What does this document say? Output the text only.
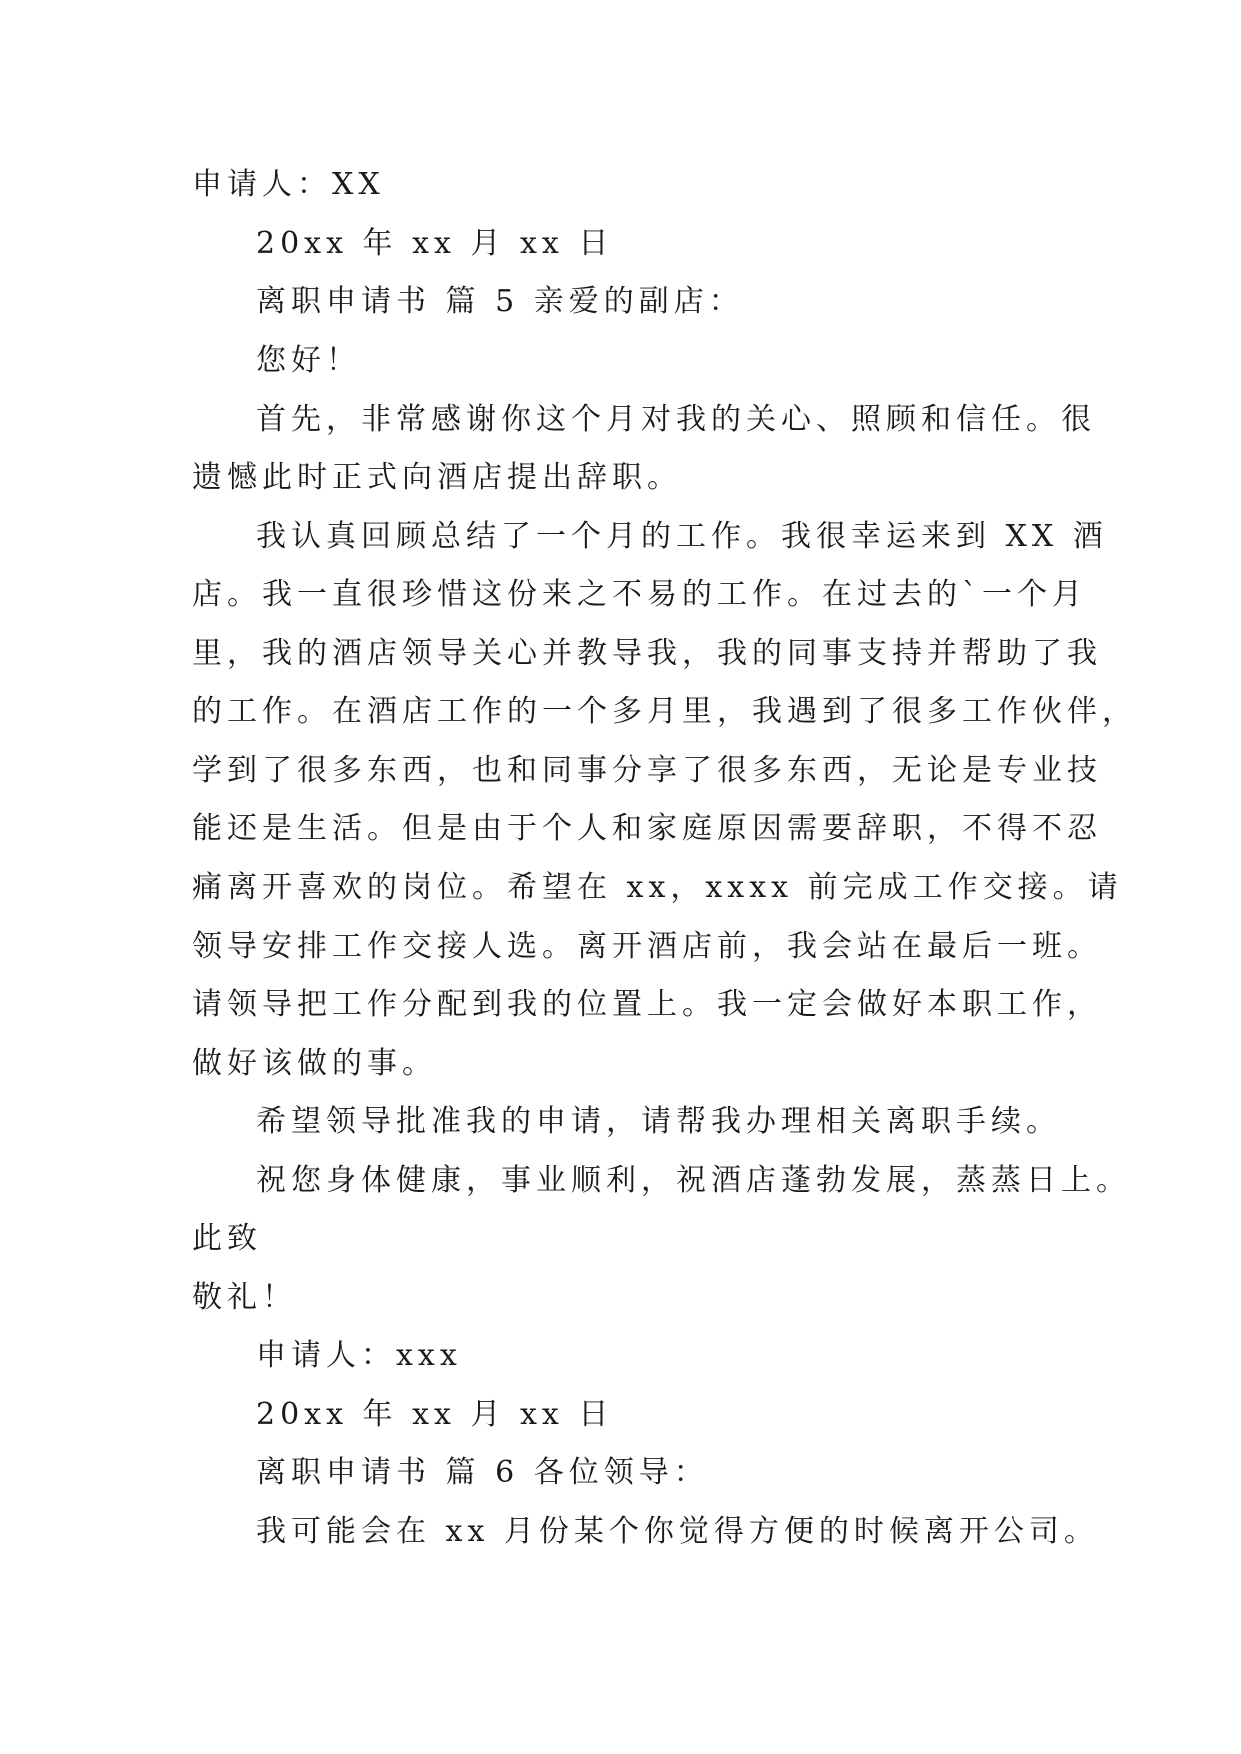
申请人：XX
20xx 年 xx 月 xx 日
离职申请书 篇 5 亲爱的副店：
您好！
首先，非常感谢你这个月对我的关心、照顾和信任。很
遗憾此时正式向酒店提出辞职。
我认真回顾总结了一个月的工作。我很幸运来到 XX 酒
店。我一直很珍惜这份来之不易的工作。在过去的`一个月
里，我的酒店领导关心并教导我，我的同事支持并帮助了我
的工作。在酒店工作的一个多月里，我遇到了很多工作伙伴，
学到了很多东西，也和同事分享了很多东西，无论是专业技
能还是生活。但是由于个人和家庭原因需要辞职，不得不忍
痛离开喜欢的岗位。希望在 xx，xxxx 前完成工作交接。请
领导安排工作交接人选。离开酒店前，我会站在最后一班。
请领导把工作分配到我的位置上。我一定会做好本职工作，
做好该做的事。
希望领导批准我的申请，请帮我办理相关离职手续。
祝您身体健康，事业顺利，祝酒店蓬勃发展，蒸蒸日上。
此致
敬礼！
申请人：xxx
20xx 年 xx 月 xx 日
离职申请书 篇 6 各位领导：
我可能会在 xx 月份某个你觉得方便的时候离开公司。
